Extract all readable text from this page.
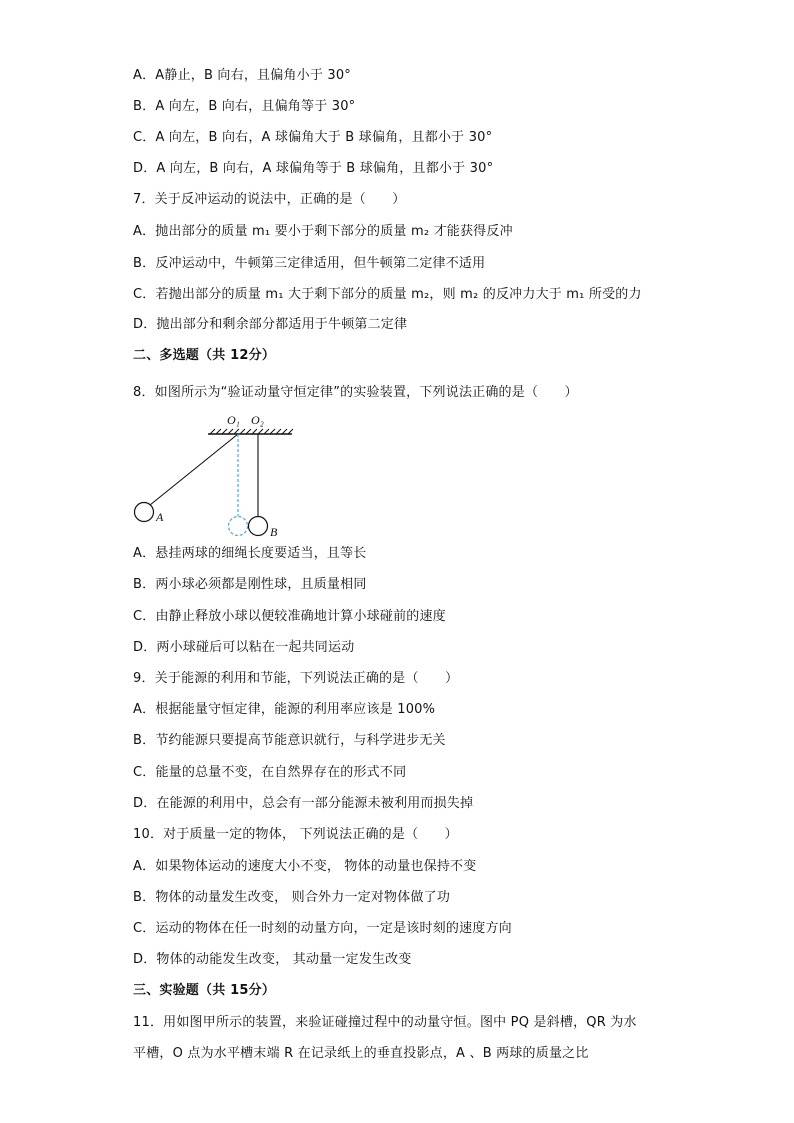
A．A静止，B 向右，且偏角小于 30°
B．A 向左，B 向右，且偏角等于 30°
C．A 向左，B 向右，A 球偏角大于 B 球偏角，且都小于 30°
D．A 向左，B 向右，A 球偏角等于 B 球偏角，且都小于 30°
7．关于反冲运动的说法中，正确的是（　　）
A．抛出部分的质量 m₁ 要小于剩下部分的质量 m₂ 才能获得反冲
B．反冲运动中，牛顿第三定律适用，但牛顿第二定律不适用
C．若抛出部分的质量 m₁ 大于剩下部分的质量 m₂，则 m₂ 的反冲力大于 m₁ 所受的力
D．抛出部分和剩余部分都适用于牛顿第二定律
二、多选题（共 12分）
8．如图所示为“验证动量守恒定律”的实验装置，下列说法正确的是（　　）
O₁ O₂
A
B
A．悬挂两球的细绳长度要适当，且等长
B．两小球必须都是刚性球，且质量相同
C．由静止释放小球以便较准确地计算小球碰前的速度
D．两小球碰后可以粘在一起共同运动
9．关于能源的利用和节能，下列说法正确的是（　　）
A．根据能量守恒定律，能源的利用率应该是 100%
B．节约能源只要提高节能意识就行，与科学进步无关
C．能量的总量不变，在自然界存在的形式不同
D．在能源的利用中，总会有一部分能源未被利用而损失掉
10．对于质量一定的物体， 下列说法正确的是（　　）
A．如果物体运动的速度大小不变， 物体的动量也保持不变
B．物体的动量发生改变， 则合外力一定对物体做了功
C．运动的物体在任一时刻的动量方向，一定是该时刻的速度方向
D．物体的动能发生改变， 其动量一定发生改变
三、实验题（共 15分）
11．用如图甲所示的装置，来验证碰撞过程中的动量守恒。图中 PQ 是斜槽，QR 为水
平槽，O 点为水平槽末端 R 在记录纸上的垂直投影点，A 、B 两球的质量之比
